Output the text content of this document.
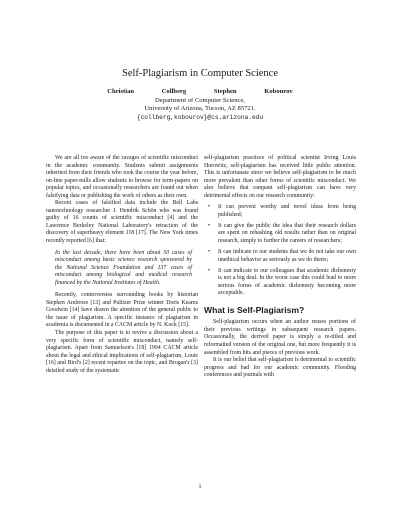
Self-Plagiarism in Computer Science
Christian Collberg	Stephen Kobourov
Department of Computer Science,
University of Arizona, Tucson, AZ 85721.
{collberg,kobourov}@cs.arizona.edu

We are all too aware of the ravages of scientific misconduct in the academic community. Students submit assignments inherited from their friends who took the course the year before, on-line paper-mills allow students to browse for term-papers on popular topics, and occasionally researchers are found out when falsifying data or publishing the work of others as their own.

Recent cases of falsified data include the Bell Labs nanotechnology researcher J. Hendrik Schön who was found guilty of 16 counts of scientific misconduct [4] and the Lawrence Berkeley National Laboratory's retraction of the discovery of superheavy element 118 [17]. The New York times recently reported [6] that:

In the last decade, there have been about 50 cases of misconduct among basic science research sponsored by the National Science Foundation and 137 cases of misconduct among biological and medical research financed by the National Institutes of Health.

Recently, controversies surrounding books by historian Stephen Ambrose [13] and Pulitzer Prize winner Doris Kearns Goodwin [14] have drawn the attention of the general public to the issue of plagiarism. A specific instance of plagiarism in academia is documented in a CACM article by N. Kock [15].

The purpose of this paper is to revive a discussion about a very specific form of scientific misconduct, namely self-plagiarism. Apart from Samuelson's [18] 1994 CACM article about the legal and ethical implications of self-plagiarism, Louie [16] and Bird's [2] recent repartee on the topic, and Brogan's [3] detailed study of the systematic

self-plagiarism practices of political scientist Irving Louis Horowitz, self-plagiarism has received little public attention. This is unfortunate since we believe self-plagiarism to be much more prevalent than other forms of scientific misconduct. We also believe that rampant self-plagiarism can have very detrimental effects on our research community:

• It can prevent worthy and novel ideas from being published;
• It can give the public the idea that their research dollars are spent on rehashing old results rather than on original research, simply to further the careers of researchers;
• It can indicate to our students that we do not take our own unethical behavior as seriously as we do theirs;
• It can indicate to our colleagues that academic dishonesty is not a big deal. In the worst case this could lead to more serious forms of academic dishonesty becoming more acceptable.
What is Self-Plagiarism?

Self-plagiarism occurs when an author reuses portions of their previous writings in subsequent research papers. Occasionally, the derived paper is simply a re-titled and reformatted version of the original one, but more frequently it is assembled from bits and pieces of previous work.

It is our belief that self-plagiarism is detrimental to scientific progress and bad for our academic community. Flooding conferences and journals with

1
